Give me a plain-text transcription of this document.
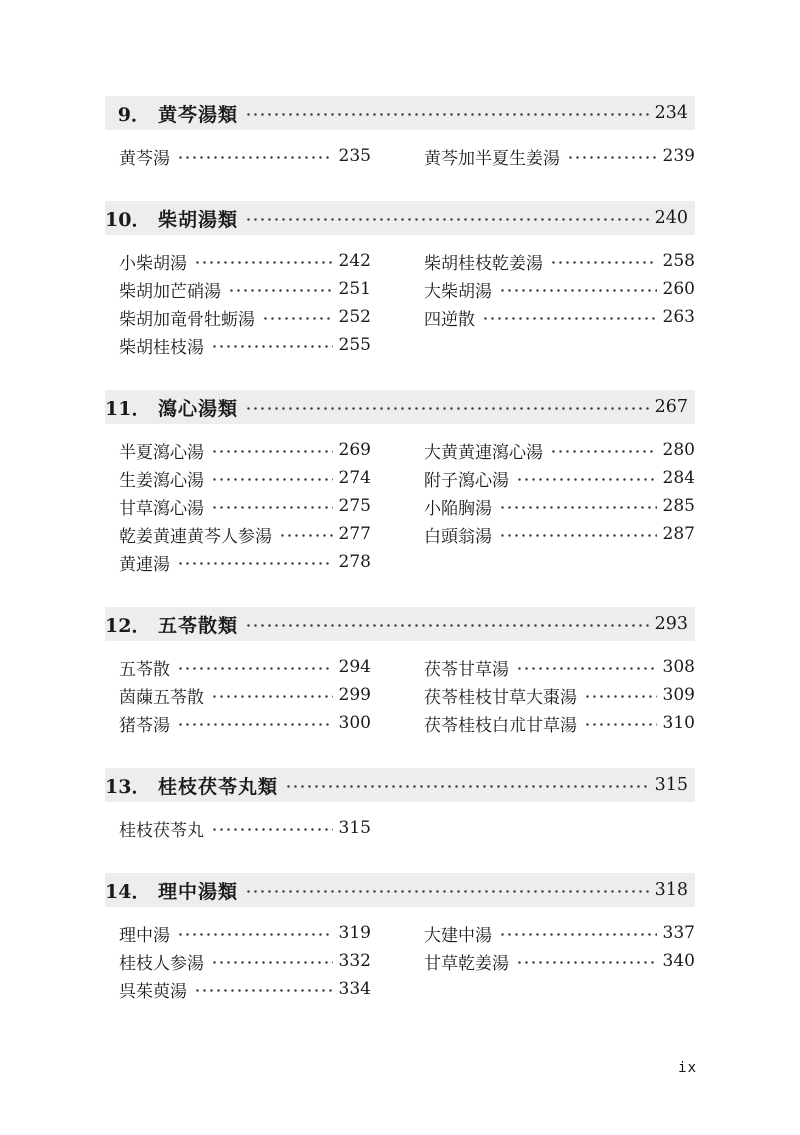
9． 黄芩湯類	234
黄芩湯	235	黄芩加半夏生姜湯	239
10． 柴胡湯類	240
小柴胡湯	242
柴胡加芒硝湯	251
柴胡加竜骨牡蛎湯	252
柴胡桂枝湯	255
柴胡桂枝乾姜湯	258
大柴胡湯	260
四逆散	263
11． 瀉心湯類	267
半夏瀉心湯	269
生姜瀉心湯	274
甘草瀉心湯	275
乾姜黄連黄芩人参湯	277
黄連湯	278
大黄黄連瀉心湯	280
附子瀉心湯	284
小陥胸湯	285
白頭翁湯	287
12． 五苓散類	293
五苓散	294
茵蔯五苓散	299
猪苓湯	300
茯苓甘草湯	308
茯苓桂枝甘草大棗湯	309
茯苓桂枝白朮甘草湯	310
13． 桂枝茯苓丸類	315
桂枝茯苓丸	315
14． 理中湯類	318
理中湯	319
桂枝人参湯	332
呉茱萸湯	334
大建中湯	337
甘草乾姜湯	340
ix
